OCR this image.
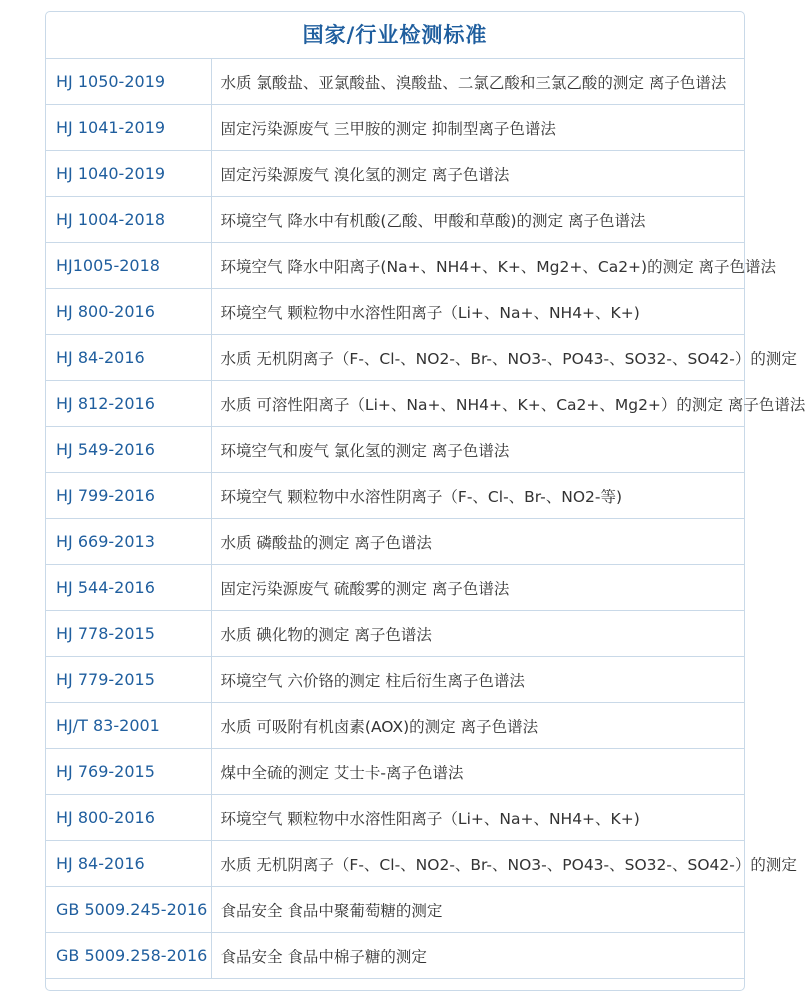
国家/行业检测标准
HJ 1050-2019	水质 氯酸盐、亚氯酸盐、溴酸盐、二氯乙酸和三氯乙酸的测定 离子色谱法
HJ 1041-2019	固定污染源废气 三甲胺的测定 抑制型离子色谱法
HJ 1040-2019	固定污染源废气 溴化氢的测定 离子色谱法
HJ 1004-2018	环境空气 降水中有机酸(乙酸、甲酸和草酸)的测定 离子色谱法
HJ1005-2018	环境空气 降水中阳离子(Na+、NH4+、K+、Mg2+、Ca2+)的测定 离子色谱法
HJ 800-2016	环境空气 颗粒物中水溶性阳离子（Li+、Na+、NH4+、K+)
HJ 84-2016	水质 无机阴离子（F-、Cl-、NO2-、Br-、NO3-、PO43-、SO32-、SO42-）的测定
HJ 812-2016	水质 可溶性阳离子（Li+、Na+、NH4+、K+、Ca2+、Mg2+）的测定 离子色谱法
HJ 549-2016	环境空气和废气 氯化氢的测定 离子色谱法
HJ 799-2016	环境空气 颗粒物中水溶性阴离子（F-、Cl-、Br-、NO2-等)
HJ 669-2013	水质 磷酸盐的测定 离子色谱法
HJ 544-2016	固定污染源废气 硫酸雾的测定 离子色谱法
HJ 778-2015	水质 碘化物的测定 离子色谱法
HJ 779-2015	环境空气 六价铬的测定 柱后衍生离子色谱法
HJ/T 83-2001	水质 可吸附有机卤素(AOX)的测定 离子色谱法
HJ 769-2015	煤中全硫的测定 艾士卡-离子色谱法
HJ 800-2016	环境空气 颗粒物中水溶性阳离子（Li+、Na+、NH4+、K+)
HJ 84-2016	水质 无机阴离子（F-、Cl-、NO2-、Br-、NO3-、PO43-、SO32-、SO42-）的测定
GB 5009.245-2016	食品安全 食品中聚葡萄糖的测定
GB 5009.258-2016	食品安全 食品中棉子糖的测定
